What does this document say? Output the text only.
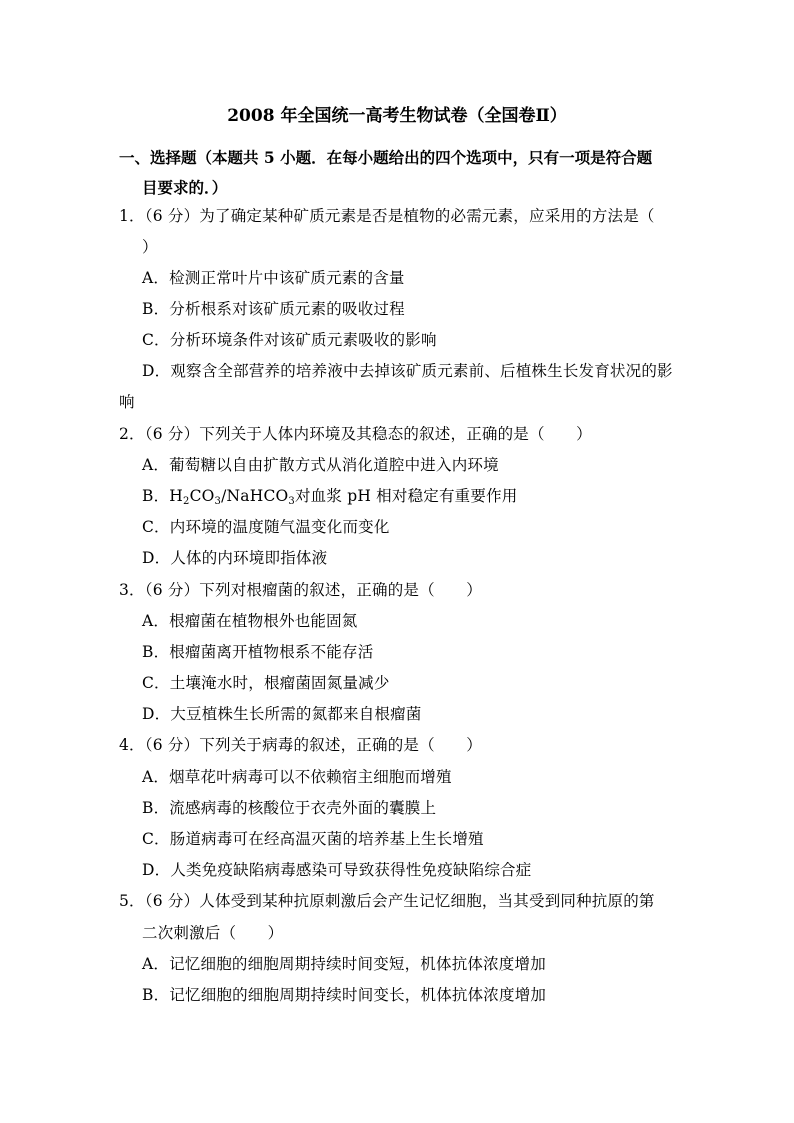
2008 年全国统一高考生物试卷（全国卷Ⅱ）
一、选择题（本题共 5 小题．在每小题给出的四个选项中，只有一项是符合题
目要求的．）
1．（6 分）为了确定某种矿质元素是否是植物的必需元素，应采用的方法是（
）
A．检测正常叶片中该矿质元素的含量
B．分析根系对该矿质元素的吸收过程
C．分析环境条件对该矿质元素吸收的影响
D．观察含全部营养的培养液中去掉该矿质元素前、后植株生长发育状况的影
响
2．（6 分）下列关于人体内环境及其稳态的叙述，正确的是（　　）
A．葡萄糖以自由扩散方式从消化道腔中进入内环境
B．$H_2CO_3/NaHCO_3$对血浆 pH 相对稳定有重要作用
C．内环境的温度随气温变化而变化
D．人体的内环境即指体液
3．（6 分）下列对根瘤菌的叙述，正确的是（　　）
A．根瘤菌在植物根外也能固氮
B．根瘤菌离开植物根系不能存活
C．土壤淹水时，根瘤菌固氮量减少
D．大豆植株生长所需的氮都来自根瘤菌
4．（6 分）下列关于病毒的叙述，正确的是（　　）
A．烟草花叶病毒可以不依赖宿主细胞而增殖
B．流感病毒的核酸位于衣壳外面的囊膜上
C．肠道病毒可在经高温灭菌的培养基上生长增殖
D．人类免疫缺陷病毒感染可导致获得性免疫缺陷综合症
5．（6 分）人体受到某种抗原刺激后会产生记忆细胞，当其受到同种抗原的第
二次刺激后（　　）
A．记忆细胞的细胞周期持续时间变短，机体抗体浓度增加
B．记忆细胞的细胞周期持续时间变长，机体抗体浓度增加
